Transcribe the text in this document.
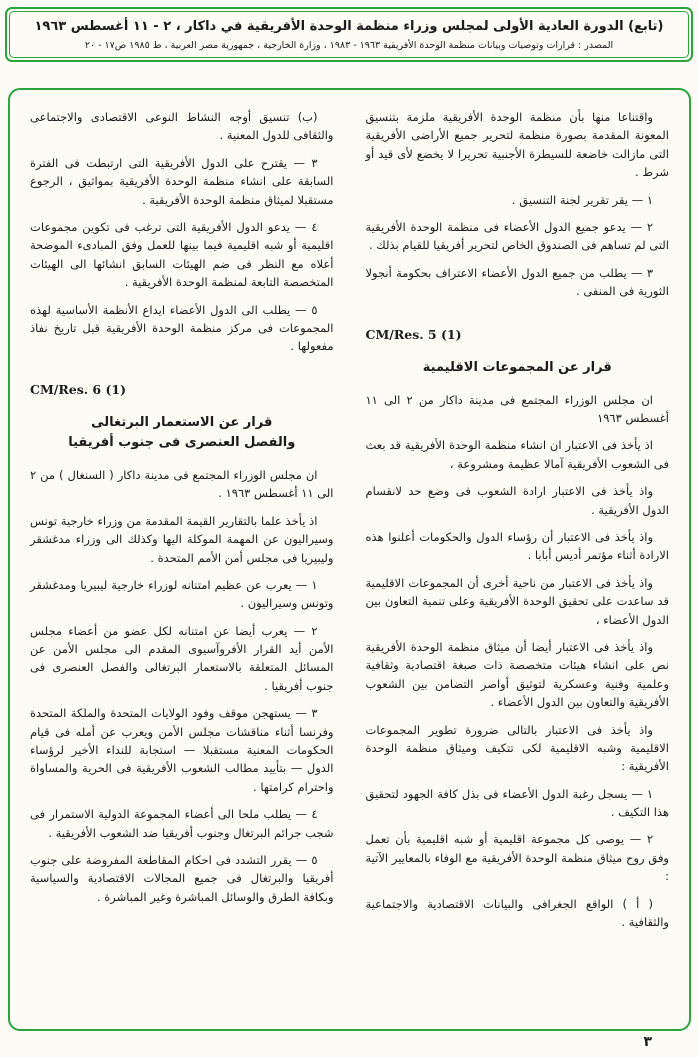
(تابع) الدورة العادية الأولى لمجلس وزراء منظمة الوحدة الأفريقية في داكار ، ٢ - ١١ أغسطس ١٩٦٣
المصدر : قرارات وتوصيات وبيانات منظمة الوحدة الأفريقية ١٩٦٣ - ١٩٨٣ ، وزارة الخارجية ، جمهورية مصر العربية ، ط ١٩٨٥ ص١٧ - ٢٠

واقتناعا منها بأن منظمة الوحدة الأفريقية ملزمة بتنسيق المعونة المقدمة بصورة منظمة لتحرير جميع الأراضى الأفريقية التى مازالت خاضعة للسيطرة الأجنبية تحريرا لا يخضع لأى قيد أو شرط .

١ — يقر تقرير لجنة التنسيق .

٢ — يدعو جميع الدول الأعضاء فى منظمة الوحدة الأفريقية التى لم تساهم فى الصندوق الخاص لتحرير أفريقيا للقيام بذلك .

٣ — يطلب من جميع الدول الأعضاء الاعتراف بحكومة أنجولا الثورية فى المنفى .

CM/Res. 5 (1)
قرار عن المجموعات الاقليمية

ان مجلس الوزراء المجتمع فى مدينة داكار من ٢ الى ١١ أغسطس ١٩٦٣

اذ يأخذ فى الاعتبار ان انشاء منظمة الوحدة الأفريقية قد بعث فى الشعوب الأفريقية آمالا عظيمة ومشروعة ،

واذ يأخذ فى الاعتبار ارادة الشعوب فى وضع حد لانقسام الدول الأفريقية .

واذ يأخذ فى الاعتبار أن رؤساء الدول والحكومات أعلنوا هذه الارادة أثناء مؤتمر أديس أبابا .

واذ يأخذ فى الاعتبار من ناحية أخرى أن المجموعات الاقليمية قد ساعدت على تحقيق الوحدة الأفريقية وعلى تنمية التعاون بين الدول الأعضاء ،

واذ يأخذ فى الاعتبار أيضا أن ميثاق منظمة الوحدة الأفريقية نص على انشاء هيئات متخصصة ذات صبغة اقتصادية وثقافية وعلمية وفنية وعسكرية لتوثيق أواصر التضامن بين الشعوب الأفريقية والتعاون بين الدول الأعضاء .

واذ يأخذ فى الاعتبار بالتالى ضرورة تطوير المجموعات الاقليمية وشبه الاقليمية لكى تتكيف وميثاق منظمة الوحدة الأفريقية :

١ — يسجل رغبة الدول الأعضاء فى بذل كافة الجهود لتحقيق هذا التكيف .

٢ — يوصى كل مجموعة اقليمية أو شبه اقليمية بأن تعمل وفق روح ميثاق منظمة الوحدة الأفريقية مع الوفاء بالمعايير الآتية :

( أ ) الواقع الجغرافى والبيانات الاقتصادية والاجتماعية والثقافية .

(ب) تنسيق أوجه النشاط النوعى الاقتصادى والاجتماعى والثقافى للدول المعنية .

٣ — يقترح على الدول الأفريقية التى ارتبطت فى الفترة السابقة على انشاء منظمة الوحدة الأفريقية بمواثيق ، الرجوع مستقبلا لميثاق منظمة الوحدة الأفريقية .

٤ — يدعو الدول الأفريقية التى ترغب فى تكوين مجموعات اقليمية أو شبه اقليمية فيما بينها للعمل وفق المبادىء الموضحة أعلاه مع النظر فى ضم الهيئات السابق انشائها الى الهيئات المتخصصة التابعة لمنظمة الوحدة الأفريقية .

٥ — يطلب الى الدول الأعضاء ايداع الأنظمة الأساسية لهذه المجموعات فى مركز منظمة الوحدة الأفريقية قبل تاريخ نفاذ مفعولها .

CM/Res. 6 (1)
قرار عن الاستعمار البرتغالى
والفصل العنصرى فى جنوب أفريقيا

ان مجلس الوزراء المجتمع فى مدينة داكار ( السنغال ) من ٢ الى ١١ أغسطس ١٩٦٣ .

اذ يأخذ علما بالتقارير القيمة المقدمة من وزراء خارجية تونس وسيراليون عن المهمة الموكلة اليها وكذلك الى وزراء مدغشقر وليبيريا فى مجلس أمن الأمم المتحدة .

١ — يعرب عن عظيم امتنانه لوزراء خارجية ليبيريا ومدغشقر وتونس وسيراليون .

٢ — يعرب أيضا عن امتنانه لكل عضو من أعضاء مجلس الأمن أيد القرار الأفروآسيوى المقدم الى مجلس الأمن عن المسائل المتعلقة بالاستعمار البرتغالى والفصل العنصرى فى جنوب أفريقيا .

٣ — يستهجن موقف وفود الولايات المتحدة والملكة المتحدة وفرنسا أثناء مناقشات مجلس الأمن ويعرب عن أمله فى قيام الحكومات المعنية مستقبلا — استجابة للنداء الأخير لرؤساء الدول — بتأييد مطالب الشعوب الأفريقية فى الحرية والمساواة واحترام كرامتها .

٤ — يطلب ملحا الى أعضاء المجموعة الدولية الاستمرار فى شجب جرائم البرتغال وجنوب أفريقيا ضد الشعوب الأفريقية .

٥ — يقرر التشدد فى احكام المقاطعة المفروضة على جنوب أفريقيا والبرتغال فى جميع المجالات الاقتصادية والسياسية وبكافة الطرق والوسائل المباشرة وغير المباشرة .

٣
